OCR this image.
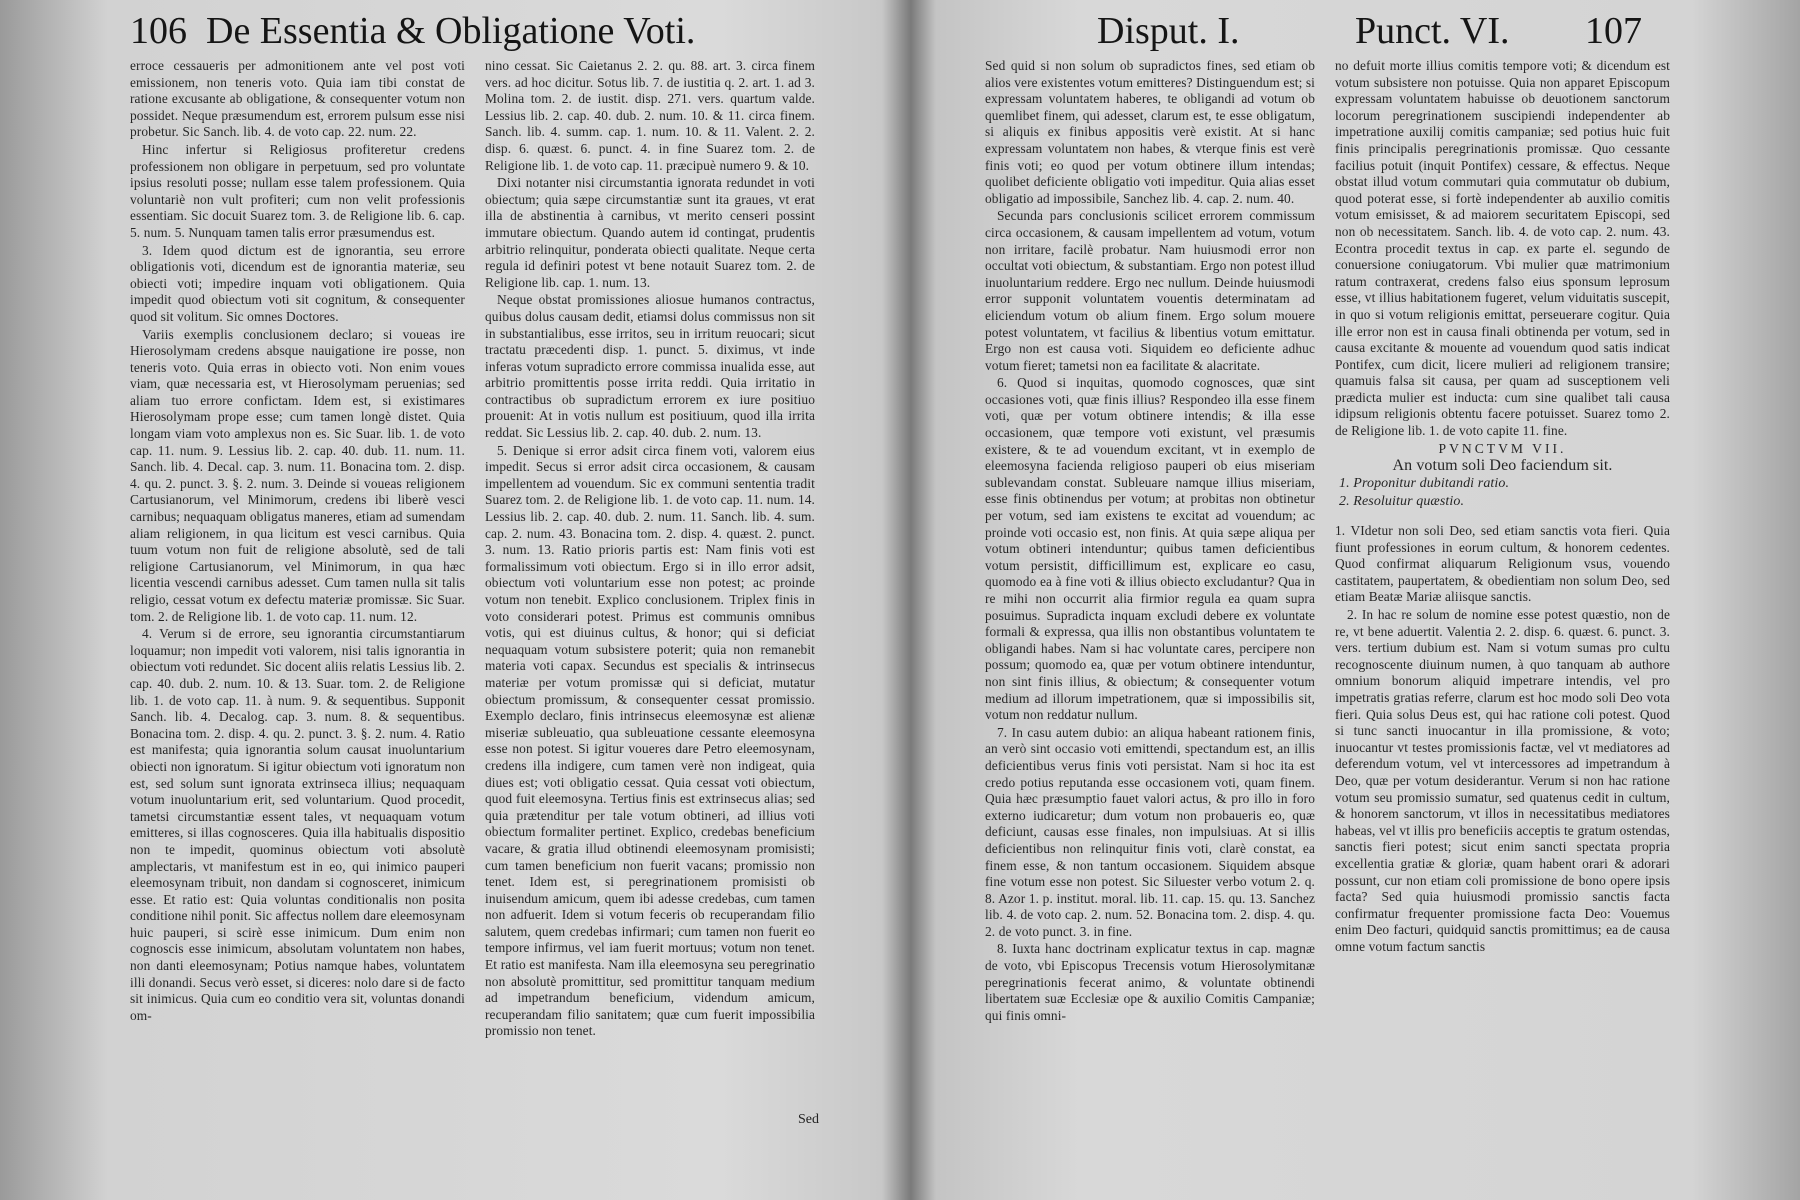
106 De Essentia & Obligatione Voti.

erroce cessaueris per admonitionem ante vel post voti emissionem, non teneris voto. Quia iam tibi constat de ratione excusante ab obligatione, & consequenter votum non possidet. Neque præsumendum est, errorem pulsum esse nisi probetur. Sic Sanch. lib. 4. de voto cap. 22. num. 22.

Hinc infertur si Religiosus profiteretur credens professionem non obligare in perpetuum, sed pro voluntate ipsius resoluti posse; nullam esse talem professionem. Quia voluntariè non vult profiteri; cum non velit professionis essentiam. Sic docuit Suarez tom. 3. de Religione lib. 6. cap. 5. num. 5. Nunquam tamen talis error præsumendus est.

3. Idem quod dictum est de ignorantia, seu errore obligationis voti, dicendum est de ignorantia materiæ, seu obiecti voti; impedire inquam voti obligationem. Quia impedit quod obiectum voti sit cognitum, & consequenter quod sit volitum. Sic omnes Doctores.

Variis exemplis conclusionem declaro; si voueas ire Hierosolymam credens absque nauigatione ire posse, non teneris voto. Quia erras in obiecto voti. Non enim voues viam, quæ necessaria est, vt Hierosolymam peruenias; sed aliam tuo errore confictam. Idem est, si existimares Hierosolymam prope esse; cum tamen longè distet. Quia longam viam voto amplexus non es. Sic Suar. lib. 1. de voto cap. 11. num. 9. Lessius lib. 2. cap. 40. dub. 11. num. 11. Sanch. lib. 4. Decal. cap. 3. num. 11. Bonacina tom. 2. disp. 4. qu. 2. punct. 3. §. 2. num. 3. Deinde si voueas religionem Cartusianorum, vel Minimorum, credens ibi liberè vesci carnibus; nequaquam obligatus maneres, etiam ad sumendam aliam religionem, in qua licitum est vesci carnibus. Quia tuum votum non fuit de religione absolutè, sed de tali religione Cartusianorum, vel Minimorum, in qua hæc licentia vescendi carnibus adesset. Cum tamen nulla sit talis religio, cessat votum ex defectu materiæ promissæ. Sic Suar. tom. 2. de Religione lib. 1. de voto cap. 11. num. 12.

4. Verum si de errore, seu ignorantia circumstantiarum loquamur; non impedit voti valorem, nisi talis ignorantia in obiectum voti redundet. Sic docent aliis relatis Lessius lib. 2. cap. 40. dub. 2. num. 10. & 13. Suar. tom. 2. de Religione lib. 1. de voto cap. 11. à num. 9. & sequentibus. Supponit Sanch. lib. 4. Decalog. cap. 3. num. 8. & sequentibus. Bonacina tom. 2. disp. 4. qu. 2. punct. 3. §. 2. num. 4. Ratio est manifesta; quia ignorantia solum causat inuoluntarium obiecti non ignoratum. Si igitur obiectum voti ignoratum non est, sed solum sunt ignorata extrinseca illius; nequaquam votum inuoluntarium erit, sed voluntarium. Quod procedit, tametsi circumstantiæ essent tales, vt nequaquam votum emitteres, si illas cognosceres. Quia illa habitualis dispositio non te impedit, quominus obiectum voti absolutè amplectaris, vt manifestum est in eo, qui inimico pauperi eleemosynam tribuit, non dandam si cognosceret, inimicum esse. Et ratio est: Quia voluntas conditionalis non posita conditione nihil ponit. Sic affectus nollem dare eleemosynam huic pauperi, si scirè esse inimicum. Dum enim non cognoscis esse inimicum, absolutam voluntatem non habes, non danti eleemosynam; Potius namque habes, voluntatem illi donandi. Secus verò esset, si diceres: nolo dare si de facto sit inimicus. Quia cum eo conditio vera sit, voluntas donandi om-

nino cessat. Sic Caietanus 2. 2. qu. 88. art. 3. circa finem vers. ad hoc dicitur. Sotus lib. 7. de iustitia q. 2. art. 1. ad 3. Molina tom. 2. de iustit. disp. 271. vers. quartum valde. Lessius lib. 2. cap. 40. dub. 2. num. 10. & 11. circa finem. Sanch. lib. 4. summ. cap. 1. num. 10. & 11. Valent. 2. 2. disp. 6. quæst. 6. punct. 4. in fine Suarez tom. 2. de Religione lib. 1. de voto cap. 11. præcipuè numero 9. & 10.

Dixi notanter nisi circumstantia ignorata redundet in voti obiectum; quia sæpe circumstantiæ sunt ita graues, vt erat illa de abstinentia à carnibus, vt merito censeri possint immutare obiectum. Quando autem id contingat, prudentis arbitrio relinquitur, ponderata obiecti qualitate. Neque certa regula id definiri potest vt bene notauit Suarez tom. 2. de Religione lib. cap. 1. num. 13.

Neque obstat promissiones aliosue humanos contractus, quibus dolus causam dedit, etiamsi dolus commissus non sit in substantialibus, esse irritos, seu in irritum reuocari; sicut tractatu præcedenti disp. 1. punct. 5. diximus, vt inde inferas votum supradicto errore commissa inualida esse, aut arbitrio promittentis posse irrita reddi. Quia irritatio in contractibus ob supradictum errorem ex iure positiuo prouenit: At in votis nullum est positiuum, quod illa irrita reddat. Sic Lessius lib. 2. cap. 40. dub. 2. num. 13.

5. Denique si error adsit circa finem voti, valorem eius impedit. Secus si error adsit circa occasionem, & causam impellentem ad vouendum. Sic ex communi sententia tradit Suarez tom. 2. de Religione lib. 1. de voto cap. 11. num. 14. Lessius lib. 2. cap. 40. dub. 2. num. 11. Sanch. lib. 4. sum. cap. 2. num. 43. Bonacina tom. 2. disp. 4. quæst. 2. punct. 3. num. 13. Ratio prioris partis est: Nam finis voti est formalissimum voti obiectum. Ergo si in illo error adsit, obiectum voti voluntarium esse non potest; ac proinde votum non tenebit. Explico conclusionem. Triplex finis in voto considerari potest. Primus est communis omnibus votis, qui est diuinus cultus, & honor; qui si deficiat nequaquam votum subsistere poterit; quia non remanebit materia voti capax. Secundus est specialis & intrinsecus materiæ per votum promissæ qui si deficiat, mutatur obiectum promissum, & consequenter cessat promissio. Exemplo declaro, finis intrinsecus eleemosynæ est alienæ miseriæ subleuatio, qua subleuatione cessante eleemosyna esse non potest. Si igitur voueres dare Petro eleemosynam, credens illa indigere, cum tamen verè non indigeat, quia diues est; voti obligatio cessat. Quia cessat voti obiectum, quod fuit eleemosyna. Tertius finis est extrinsecus alias; sed quia prætenditur per tale votum obtineri, ad illius voti obiectum formaliter pertinet. Explico, credebas beneficium vacare, & gratia illud obtinendi eleemosynam promisisti; cum tamen beneficium non fuerit vacans; promissio non tenet. Idem est, si peregrinationem promisisti ob inuisendum amicum, quem ibi adesse credebas, cum tamen non adfuerit. Idem si votum feceris ob recuperandam filio salutem, quem credebas infirmari; cum tamen non fuerit eo tempore infirmus, vel iam fuerit mortuus; votum non tenet. Et ratio est manifesta. Nam illa eleemosyna seu peregrinatio non absolutè promittitur, sed promittitur tanquam medium ad impetrandum beneficium, videndum amicum, recuperandam filio sanitatem; quæ cum fuerit impossibilia promissio non tenet.

Sed
Disput. I.	Punct. VI. 107

Sed quid si non solum ob supradictos fines, sed etiam ob alios vere existentes votum emitteres? Distinguendum est; si expressam voluntatem haberes, te obligandi ad votum ob quemlibet finem, qui adesset, clarum est, te esse obligatum, si aliquis ex finibus appositis verè existit. At si hanc expressam voluntatem non habes, & vterque finis est verè finis voti; eo quod per votum obtinere illum intendas; quolibet deficiente obligatio voti impeditur. Quia alias esset obligatio ad impossibile, Sanchez lib. 4. cap. 2. num. 40.

Secunda pars conclusionis scilicet errorem commissum circa occasionem, & causam impellentem ad votum, votum non irritare, facilè probatur. Nam huiusmodi error non occultat voti obiectum, & substantiam. Ergo non potest illud inuoluntarium reddere. Ergo nec nullum. Deinde huiusmodi error supponit voluntatem vouentis determinatam ad eliciendum votum ob alium finem. Ergo solum mouere potest voluntatem, vt facilius & libentius votum emittatur. Ergo non est causa voti. Siquidem eo deficiente adhuc votum fieret; tametsi non ea facilitate & alacritate.

6. Quod si inquitas, quomodo cognosces, quæ sint occasiones voti, quæ finis illius? Respondeo illa esse finem voti, quæ per votum obtinere intendis; & illa esse occasionem, quæ tempore voti existunt, vel præsumis existere, & te ad vouendum excitant, vt in exemplo de eleemosyna facienda religioso pauperi ob eius miseriam sublevandam constat. Subleuare namque illius miseriam, esse finis obtinendus per votum; at probitas non obtinetur per votum, sed iam existens te excitat ad vouendum; ac proinde voti occasio est, non finis. At quia sæpe aliqua per votum obtineri intenduntur; quibus tamen deficientibus votum persistit, difficillimum est, explicare eo casu, quomodo ea à fine voti & illius obiecto excludantur? Qua in re mihi non occurrit alia firmior regula ea quam supra posuimus. Supradicta inquam excludi debere ex voluntate formali & expressa, qua illis non obstantibus voluntatem te obligandi habes. Nam si hac voluntate cares, percipere non possum; quomodo ea, quæ per votum obtinere intenduntur, non sint finis illius, & obiectum; & consequenter votum medium ad illorum impetrationem, quæ si impossibilis sit, votum non reddatur nullum.

7. In casu autem dubio: an aliqua habeant rationem finis, an verò sint occasio voti emittendi, spectandum est, an illis deficientibus verus finis voti persistat. Nam si hoc ita est credo potius reputanda esse occasionem voti, quam finem. Quia hæc præsumptio fauet valori actus, & pro illo in foro externo iudicaretur; dum votum non probaueris eo, quæ deficiunt, causas esse finales, non impulsiuas. At si illis deficientibus non relinquitur finis voti, clarè constat, ea finem esse, & non tantum occasionem. Siquidem absque fine votum esse non potest. Sic Siluester verbo votum 2. q. 8. Azor 1. p. institut. moral. lib. 11. cap. 15. qu. 13. Sanchez lib. 4. de voto cap. 2. num. 52. Bonacina tom. 2. disp. 4. qu. 2. de voto punct. 3. in fine.

8. Iuxta hanc doctrinam explicatur textus in cap. magnæ de voto, vbi Episcopus Trecensis votum Hierosolymitanæ peregrinationis fecerat animo, & voluntate obtinendi libertatem suæ Ecclesiæ ope & auxilio Comitis Campaniæ; qui finis omni-

no defuit morte illius comitis tempore voti; & dicendum est votum subsistere non potuisse. Quia non apparet Episcopum expressam voluntatem habuisse ob deuotionem sanctorum locorum peregrinationem suscipiendi independenter ab impetratione auxilij comitis campaniæ; sed potius huic fuit finis principalis peregrinationis promissæ. Quo cessante facilius potuit (inquit Pontifex) cessare, & effectus. Neque obstat illud votum commutari quia commutatur ob dubium, quod poterat esse, si fortè independenter ab auxilio comitis votum emisisset, & ad maiorem securitatem Episcopi, sed non ob necessitatem. Sanch. lib. 4. de voto cap. 2. num. 43. Econtra procedit textus in cap. ex parte el. segundo de conuersione coniugatorum. Vbi mulier quæ matrimonium ratum contraxerat, credens falso eius sponsum leprosum esse, vt illius habitationem fugeret, velum viduitatis suscepit, in quo si votum religionis emittat, perseuerare cogitur. Quia ille error non est in causa finali obtinenda per votum, sed in causa excitante & mouente ad vouendum quod satis indicat Pontifex, cum dicit, licere mulieri ad religionem transire; quamuis falsa sit causa, per quam ad susceptionem veli prædicta mulier est inducta: cum sine qualibet tali causa idipsum religionis obtentu facere potuisset. Suarez tomo 2. de Religione lib. 1. de voto capite 11. fine.

PVNCTVM VII.

An votum soli Deo faciendum sit.

1. Proponitur dubitandi ratio.

2. Resoluitur quæstio.

1. VIdetur non soli Deo, sed etiam sanctis vota fieri. Quia fiunt professiones in eorum cultum, & honorem cedentes. Quod confirmat aliquarum Religionum vsus, vouendo castitatem, paupertatem, & obedientiam non solum Deo, sed etiam Beatæ Mariæ aliisque sanctis.

2. In hac re solum de nomine esse potest quæstio, non de re, vt bene aduertit. Valentia 2. 2. disp. 6. quæst. 6. punct. 3. vers. tertium dubium est. Nam si votum sumas pro cultu recognoscente diuinum numen, à quo tanquam ab authore omnium bonorum aliquid impetrare intendis, vel pro impetratis gratias referre, clarum est hoc modo soli Deo vota fieri. Quia solus Deus est, qui hac ratione coli potest. Quod si tunc sancti inuocantur in illa promissione, & voto; inuocantur vt testes promissionis factæ, vel vt mediatores ad deferendum votum, vel vt intercessores ad impetrandum à Deo, quæ per votum desiderantur. Verum si non hac ratione votum seu promissio sumatur, sed quatenus cedit in cultum, & honorem sanctorum, vt illos in necessitatibus mediatores habeas, vel vt illis pro beneficiis acceptis te gratum ostendas, sanctis fieri potest; sicut enim sancti spectata propria excellentia gratiæ & gloriæ, quam habent orari & adorari possunt, cur non etiam coli promissione de bono opere ipsis facta? Sed quia huiusmodi promissio sanctis facta confirmatur frequenter promissione facta Deo: Vouemus enim Deo facturi, quidquid sanctis promittimus; ea de causa omne votum factum sanctis
